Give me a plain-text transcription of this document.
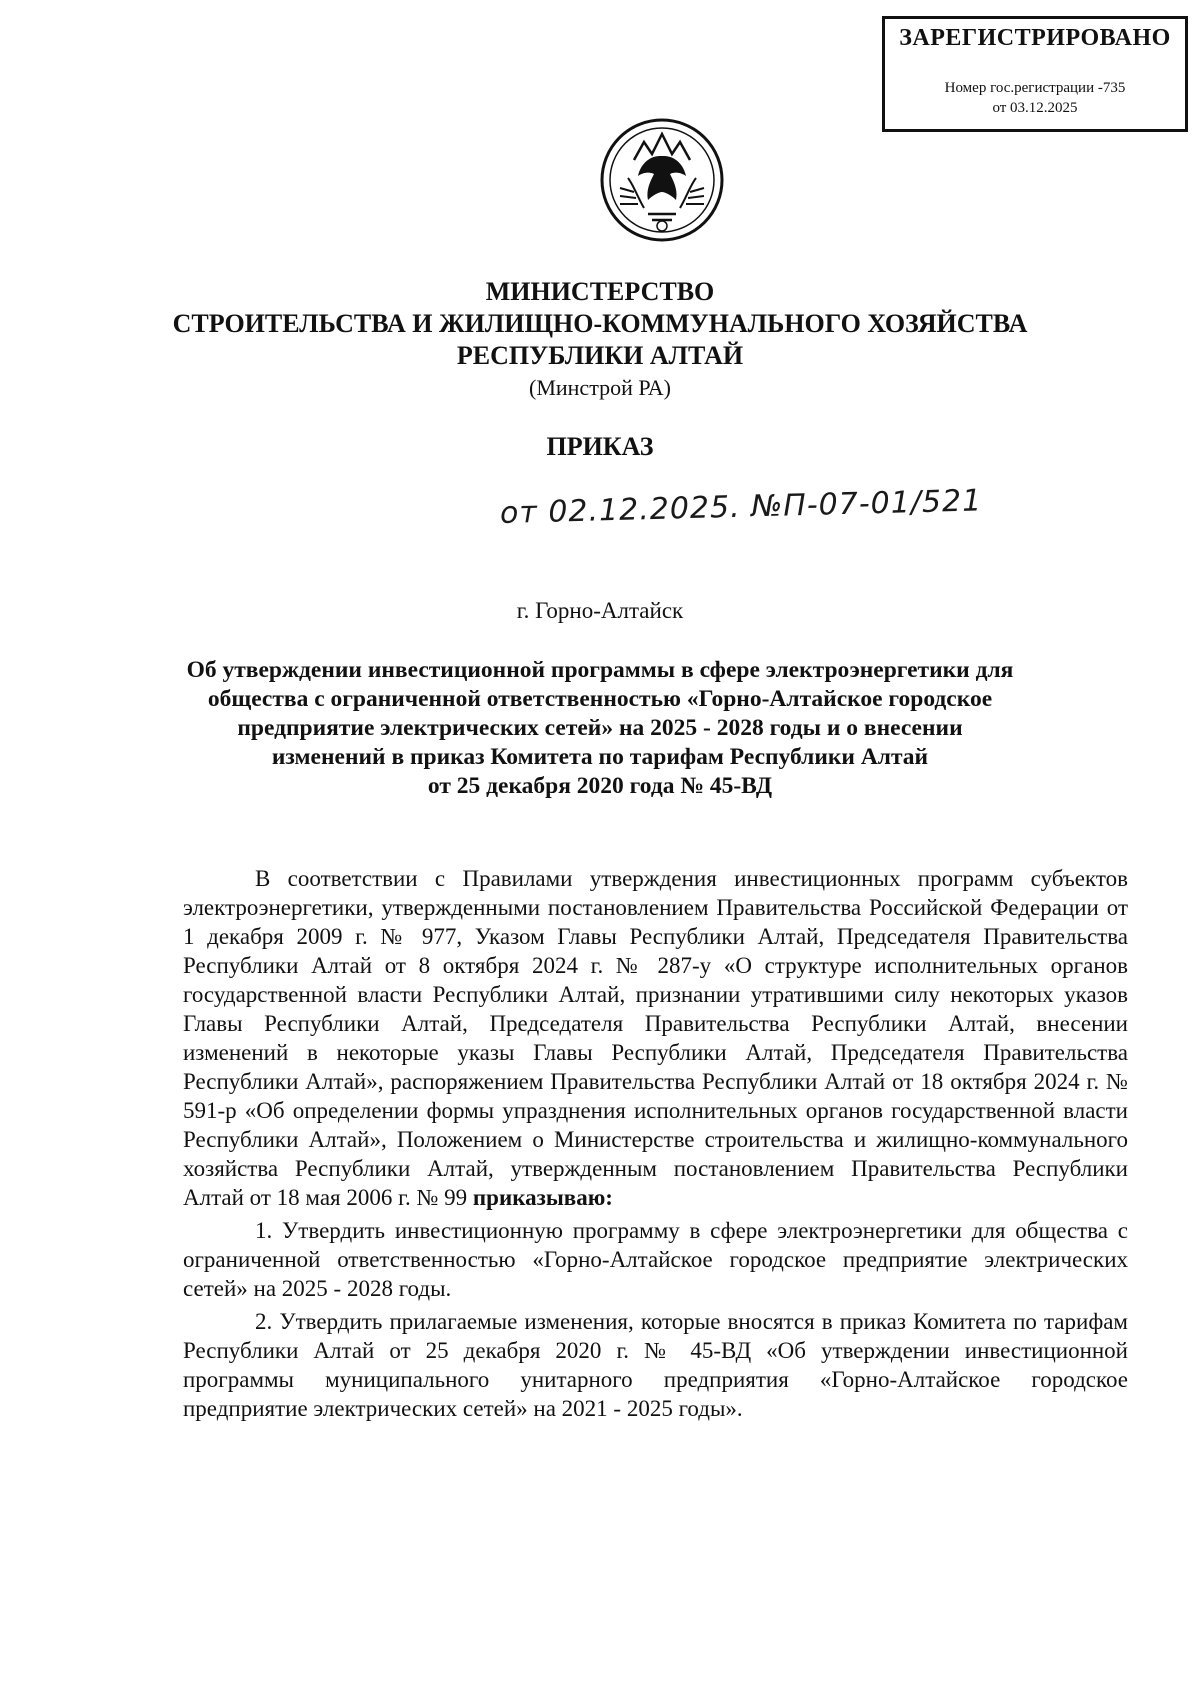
ЗАРЕГИСТРИРОВАНО
Номер гос.регистрации -735
от 03.12.2025
МИНИСТЕРСТВО
СТРОИТЕЛЬСТВА И ЖИЛИЩНО-КОММУНАЛЬНОГО ХОЗЯЙСТВА
РЕСПУБЛИКИ АЛТАЙ
(Минстрой РА)
ПРИКАЗ
от 02.12.2025. №П-07-01/521
г. Горно-Алтайск
Об утверждении инвестиционной программы в сфере электроэнергетики для
общества с ограниченной ответственностью «Горно-Алтайское городское
предприятие электрических сетей» на 2025 - 2028 годы и о внесении
изменений в приказ Комитета по тарифам Республики Алтай
от 25 декабря 2020 года № 45-ВД

В соответствии с Правилами утверждения инвестиционных программ субъектов электроэнергетики, утвержденными постановлением Правительства Российской Федерации от 1 декабря 2009 г. № 977, Указом Главы Республики Алтай, Председателя Правительства Республики Алтай от 8 октября 2024 г. № 287-у «О структуре исполнительных органов государственной власти Республики Алтай, признании утратившими силу некоторых указов Главы Республики Алтай, Председателя Правительства Республики Алтай, внесении изменений в некоторые указы Главы Республики Алтай, Председателя Правительства Республики Алтай», распоряжением Правительства Республики Алтай от 18 октября 2024 г. № 591-р «Об определении формы упразднения исполнительных органов государственной власти Республики Алтай», Положением о Министерстве строительства и жилищно-коммунального хозяйства Республики Алтай, утвержденным постановлением Правительства Республики Алтай от 18 мая 2006 г. № 99 приказываю:

1. Утвердить инвестиционную программу в сфере электроэнергетики для общества с ограниченной ответственностью «Горно-Алтайское городское предприятие электрических сетей» на 2025 - 2028 годы.

2. Утвердить прилагаемые изменения, которые вносятся в приказ Комитета по тарифам Республики Алтай от 25 декабря 2020 г. № 45-ВД «Об утверждении инвестиционной программы муниципального унитарного предприятия «Горно-Алтайское городское предприятие электрических сетей» на 2021 - 2025 годы».
